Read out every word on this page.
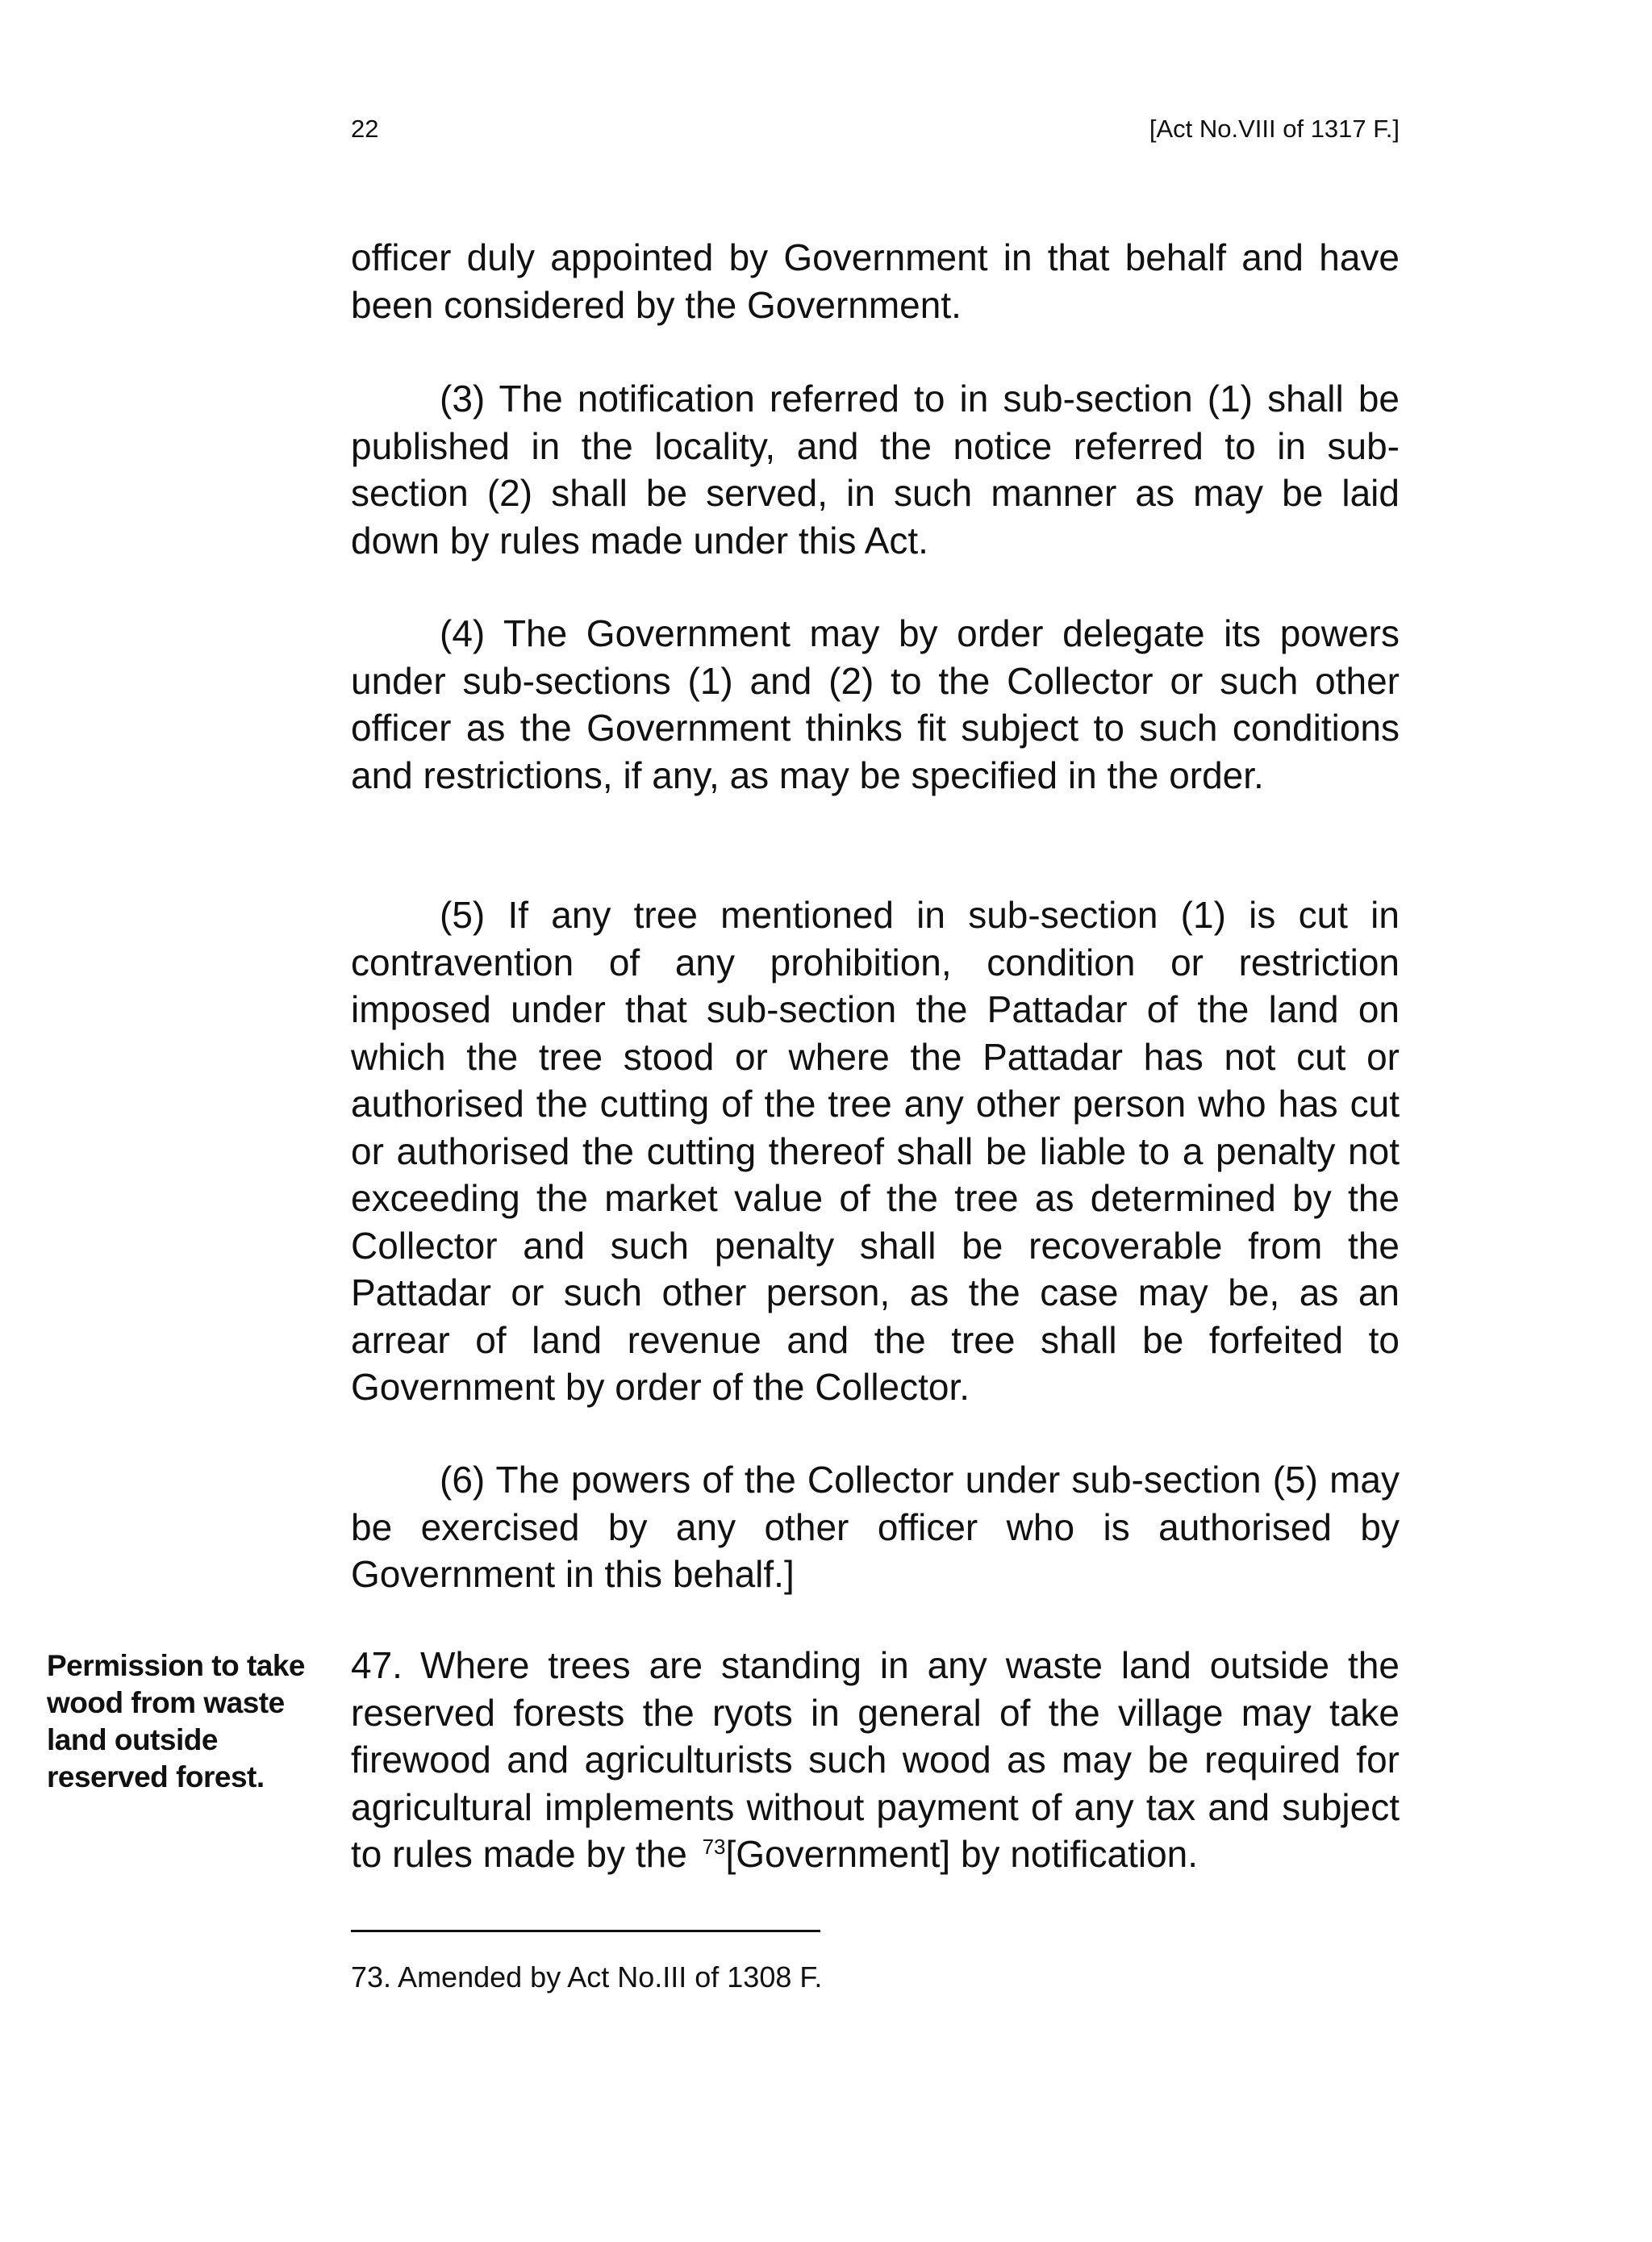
22	[Act No.VIII of 1317 F.]

officer duly appointed by Government in that behalf and have been considered by the Government.

(3) The notification referred to in sub-section (1) shall be published in the locality, and the notice referred to in sub-section (2) shall be served, in such manner as may be laid down by rules made under this Act.

(4) The Government may by order delegate its powers under sub-sections (1) and (2) to the Collector or such other officer as the Government thinks fit subject to such conditions and restrictions, if any, as may be specified in the order.

(5) If any tree mentioned in sub-section (1) is cut in contravention of any prohibition, condition or restriction imposed under that sub-section the Pattadar of the land on which the tree stood or where the Pattadar has not cut or authorised the cutting of the tree any other person who has cut or authorised the cutting thereof shall be liable to a penalty not exceeding the market value of the tree as determined by the Collector and such penalty shall be recoverable from the Pattadar or such other person, as the case may be, as an arrear of land revenue and the tree shall be forfeited to Government by order of the Collector.

(6) The powers of the Collector under sub-section (5) may be exercised by any other officer who is authorised by Government in this behalf.]

Permission to take
wood from waste
land outside
reserved forest.

47. Where trees are standing in any waste land outside the reserved forests the ryots in general of the village may take firewood and agriculturists such wood as may be required for agricultural implements without payment of any tax and subject to rules made by the $^{73}$[Government] by notification.

73. Amended by Act No.III of 1308 F.
